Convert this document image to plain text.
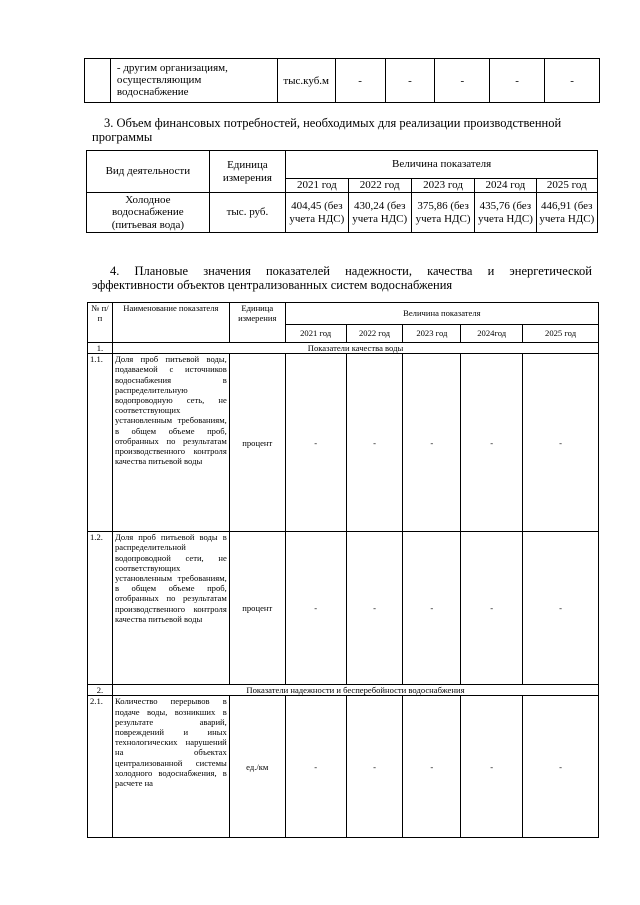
	- другим организациям, осуществляющим водоснабжение	тыс.куб.м	-	-	-	-	-
3. Объем финансовых потребностей, необходимых для реализации производственной программы
Вид деятельности	Единица измерения	Величина показателя				
		2021 год	2022 год	2023 год	2024 год	2025 год
Холодное водоснабжение (питьевая вода)	тыс. руб.	404,45 (без учета НДС)	430,24 (без учета НДС)	375,86 (без учета НДС)	435,76 (без учета НДС)	446,91 (без учета НДС)
4. Плановые значения показателей надежности, качества и энергетической
эффективности объектов централизованных систем водоснабжения
№ п/п	Наименование показателя	Единица измерения	Величина показателя				
			2021 год	2022 год	2023 год	2024год	2025 год
1.	Показатели качества воды						
1.1.	Доля проб питьевой воды, подаваемой с источников водоснабжения в распределительную водопроводную сеть, не соответствующих установленным требованиям, в общем объеме проб, отобранных по результатам производственного контроля качества питьевой воды	процент	-	-	-	-	-
1.2.	Доля проб питьевой воды в распределительной водопроводной сети, не соответствующих установленным требованиям, в общем объеме проб, отобранных по результатам производственного контроля качества питьевой воды	процент	-	-	-	-	-
2.	Показатели надежности и бесперебойности водоснабжения						
2.1.	Количество перерывов в подаче воды, возникших в результате аварий, повреждений и иных технологических нарушений на объектах централизованной системы холодного водоснабжения, в расчете на	ед./км	-	-	-	-	-
